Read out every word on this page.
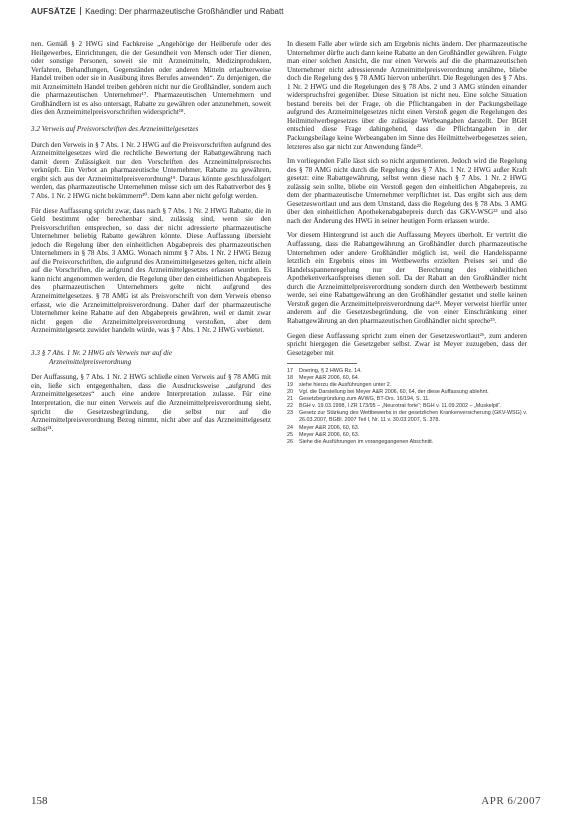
AUFSÄTZE Kaeding: Der pharmazeutische Großhändler und Rabatt

nen. Gemäß § 2 HWG sind Fachkreise „Angehörige der Heilberufe oder des Heilgewerbes, Einrichtungen, die der Gesundheit von Mensch oder Tier dienen, oder sonstige Personen, soweit sie mit Arzneimitteln, Medizinprodukten, Verfahren, Behandlungen, Gegenständen oder anderen Mitteln erlaubterweise Handel treiben oder sie in Ausübung ihres Berufes anwenden“. Zu denjenigen, die mit Arzneimitteln Handel treiben gehören nicht nur die Großhändler, sondern auch die pharmazeutischen Unternehmer¹⁷. Pharmazeutischen Unternehmern und Großhändlern ist es also untersagt, Rabatte zu gewähren oder anzunehmen, soweit dies den Arzneimittelpreisvorschriften widerspricht¹⁸.

3.2 Verweis auf Preisvorschriften des Arzneimittelgesetzes

Durch den Verweis in § 7 Abs. 1 Nr. 2 HWG auf die Preisvorschriften aufgrund des Arzneimittelgesetzes wird die rechtliche Bewertung der Rabattgewährung nach damit deren Zulässigkeit nur den Vorschriften des Arzneimittelpreisrechts verknüpft. Ein Verbot an pharmazeutische Unternehmer, Rabatte zu gewähren, ergibt sich aus der Arzneimittelpreisverordnung¹⁹. Daraus könnte geschlussfolgert werden, das pharmazeutische Unternehmen müsse sich um des Rabattverbot des § 7 Abs. 1 Nr. 2 HWG nicht bekümmern²⁰. Dem kann aber nicht gefolgt werden.

Für diese Auffassung spricht zwar, dass nach § 7 Abs. 1 Nr. 2 HWG Rabatte, die in Geld bestimmt oder berechenbar sind, zulässig sind, wenn sie den Preisvorschriften entsprechen, so dass der nicht adressierte pharmazeutische Unternehmer beliebig Rabatte gewähren könnte. Diese Auffassung übersieht jedoch die Regelung über den einheitlichen Abgabepreis des pharmazeutischen Unternehmers in § 78 Abs. 3 AMG. Wonach nimmt § 7 Abs. 1 Nr. 2 HWG Bezug auf die Preisvorschriften, die aufgrund des Arzneimittelgesetzes gelten, nicht allein auf die Vorschriften, die aufgrund des Arzneimittelgesetzes erlassen wurden. Es kann nicht angenommen werden, die Regelung über den einheitlichen Abgabepreis des pharmazeutischen Unternehmers gelte nicht aufgrund des Arzneimittelgesetzes. § 78 AMG ist als Preisvorschrift von dem Verweis ebenso erfasst, wie die Arzneimittelpreisverordnung. Daher darf der pharmazeutische Unternehmer keine Rabatte auf den Abgabepreis gewähren, weil er damit zwar nicht gegen die Arzneimittelpreisverordnung verstoßen, aber dem Arzneimittelgesetz zuwider handeln würde, was § 7 Abs. 1 Nr. 2 HWG verbietet.

3.3 § 7 Abs. 1 Nr. 2 HWG als Verweis nur auf die
Arzneimittelpreisverordnung

Der Auffassung, § 7 Abs. 1 Nr. 2 HWG schließe einen Verweis auf § 78 AMG mit ein, ließe sich entgegenhalten, dass die Ausdrucksweise „aufgrund des Arzneimittelgesetzes“ auch eine andere Interpretation zulasse. Für eine Interpretation, die nur einen Verweis auf die Arzneimittelpreisverordnung sieht, spricht die Gesetzesbegründung, die selbst nur auf die Arzneimittelpreisverordnung Bezug nimmt, nicht aber auf das Arzneimittelgesetz selbst²¹.

In diesem Falle aber würde sich am Ergebnis nichts ändern. Der pharmazeutische Unternehmer dürfte auch dann keine Rabatte an den Großhändler gewähren. Folgte man einer solchen Ansicht, die nur einen Verweis auf die die pharmazeutischen Unternehmer nicht adressierende Arzneimittelpreisverordnung annähme, bliebe doch die Regelung des § 78 AMG hiervon unberührt. Die Regelungen des § 7 Abs. 1 Nr. 2 HWG und die Regelungen des § 78 Abs. 2 und 3 AMG stünden einander widerspruchsfrei gegenüber. Diese Situation ist nicht neu. Eine solche Situation bestand bereits bei der Frage, ob die Pflichtangaben in der Packungsbeilage aufgrund des Arzneimittelgesetzes nicht einen Verstoß gegen die Regelungen des Heilmittelwerbegesetzes über die zulässige Werbeangaben darstellt. Der BGH entschied diese Frage dahingehend, dass die Pflichtangaben in der Packungsbeilage keine Werbeangaben im Sinne des Heilmittelwerbegesetzes seien, letzteres also gar nicht zur Anwendung fände²².

Im vorliegenden Falle lässt sich so nicht argumentieren. Jedoch wird die Regelung des § 78 AMG nicht durch die Regelung des § 7 Abs. 1 Nr. 2 HWG außer Kraft gesetzt: eine Rabattgewährung, selbst wenn diese nach § 7 Abs. 1 Nr. 2 HWG zulässig sein sollte, bliebe ein Verstoß gegen den einheitlichen Abgabepreis, zu dem der pharmazeutische Unternehmer verpflichtet ist. Das ergibt sich aus dem Gesetzeswortlaut und aus dem Umstand, dass die Regelung des § 78 Abs. 3 AMG über den einheitlichen Apothekenabgabepreis durch das GKV-WSG²³ und also nach der Änderung des HWG in seiner heutigen Form erlassen wurde.

Vor diesem Hintergrund ist auch die Auffassung Meyers überholt. Er vertritt die Auffassung, dass die Rabattgewährung an Großhändler durch pharmazeutische Unternehmen oder andere Großhändler möglich ist, weil die Handelsspanne letztlich ein Ergebnis eines im Wettbewerbs erzielten Preises sei und die Handelsspannenregelung nur der Berechnung des einheitlichen Apothekenverkaufspreises dienen soll. Da der Rabatt an den Großhändler nicht durch die Arzneimittelpreisverordnung sondern durch den Wettbewerb bestimmt werde, sei eine Rabattgewährung an den Großhändler gestattet und stelle keinen Verstoß gegen die Arzneimittelpreisverordnung dar²⁴. Meyer verweist hierfür unter anderem auf die Gesetzesbegründung, die von einer Einschränkung einer Rabattgewährung an den pharmazeutischen Großhändler nicht spreche²⁵.

Gegen diese Auffassung spricht zum einen der Gesetzeswortlaut²⁶, zum anderen spricht hiergegen die Gesetzgeber selbst. Zwar ist Meyer zuzugeben, dass der Gesetzgeber mit

17	Doering, § 2 HWG Rz. 14.
18	Meyer A&R 2006, 60, 64.
19	siehe hierzu die Ausführungen unter 2.
20	Vgl. die Darstellung bei Meyer A&R 2006, 60, 64, der diese Auffassung ablehnt.
21	Gesetzbegründung zum AVWG, BT-Drs. 16/194, S. 11.
22	BGH v. 19.03.1998, I ZR 173/95 – „Neurotrat forte“; BGH v. 11.09.2002 – „Muskelpil“.
23	Gesetz zur Stärkung des Wettbewerbs in der gesetzlichen Krankenversicherung (GKV-WSG) v. 26.03.2007, BGBl. 2007 Teil I, Nr. 11 v. 30.03.2007, S. 378.
24	Meyer A&R 2006, 60, 63.
25	Meyer A&R 2006, 60, 63.
26	Siehe die Ausführungen im vorangegangenen Abschnitt.
158	APR 6/2007
